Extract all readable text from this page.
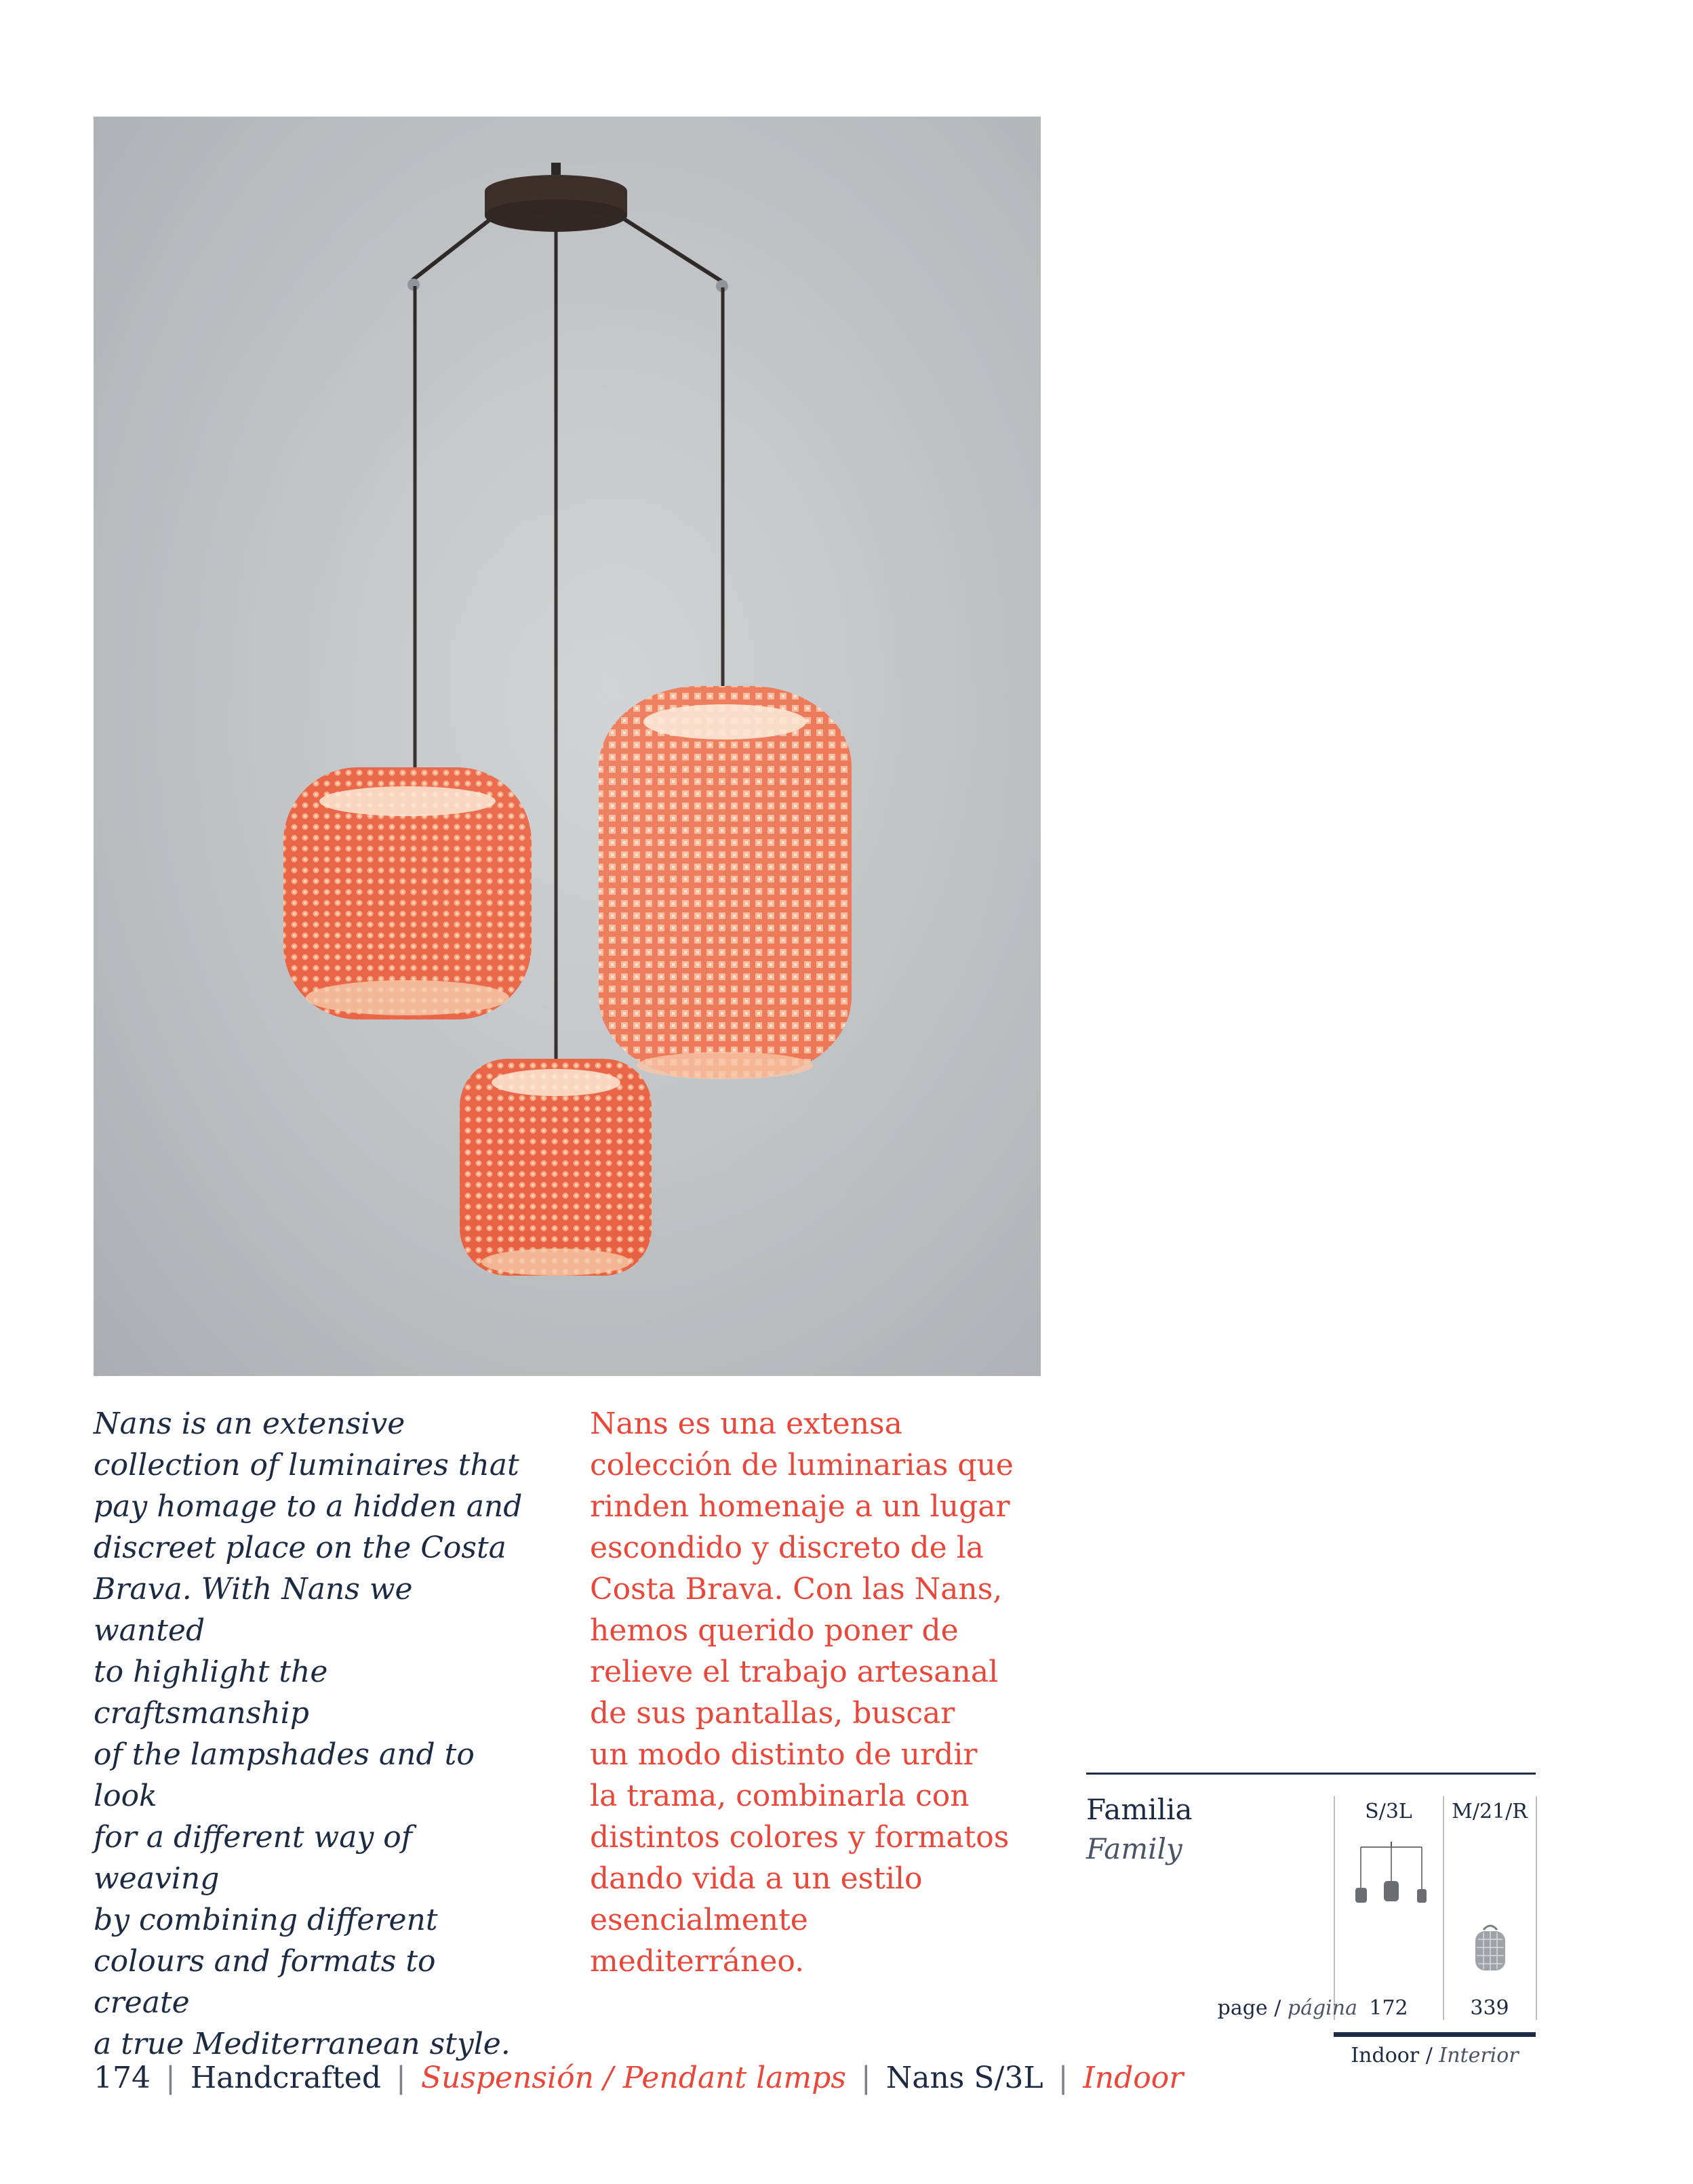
Nans is an extensive
collection of luminaires that
pay homage to a hidden and
discreet place on the Costa
Brava. With Nans we wanted
to highlight the craftsmanship
of the lampshades and to look
for a different way of weaving
by combining different
colours and formats to create
a true Mediterranean style.

Nans es una extensa
colección de luminarias que
rinden homenaje a un lugar
escondido y discreto de la
Costa Brava. Con las Nans,
hemos querido poner de
relieve el trabajo artesanal
de sus pantallas, buscar
un modo distinto de urdir
la trama, combinarla con
distintos colores y formatos
dando vida a un estilo
esencialmente mediterráneo.

Familia
Family
S/3L	M/21/R
page / página 172	339
Indoor / Interior
174 | Handcrafted | Suspensión / Pendant lamps | Nans S/3L | Indoor
